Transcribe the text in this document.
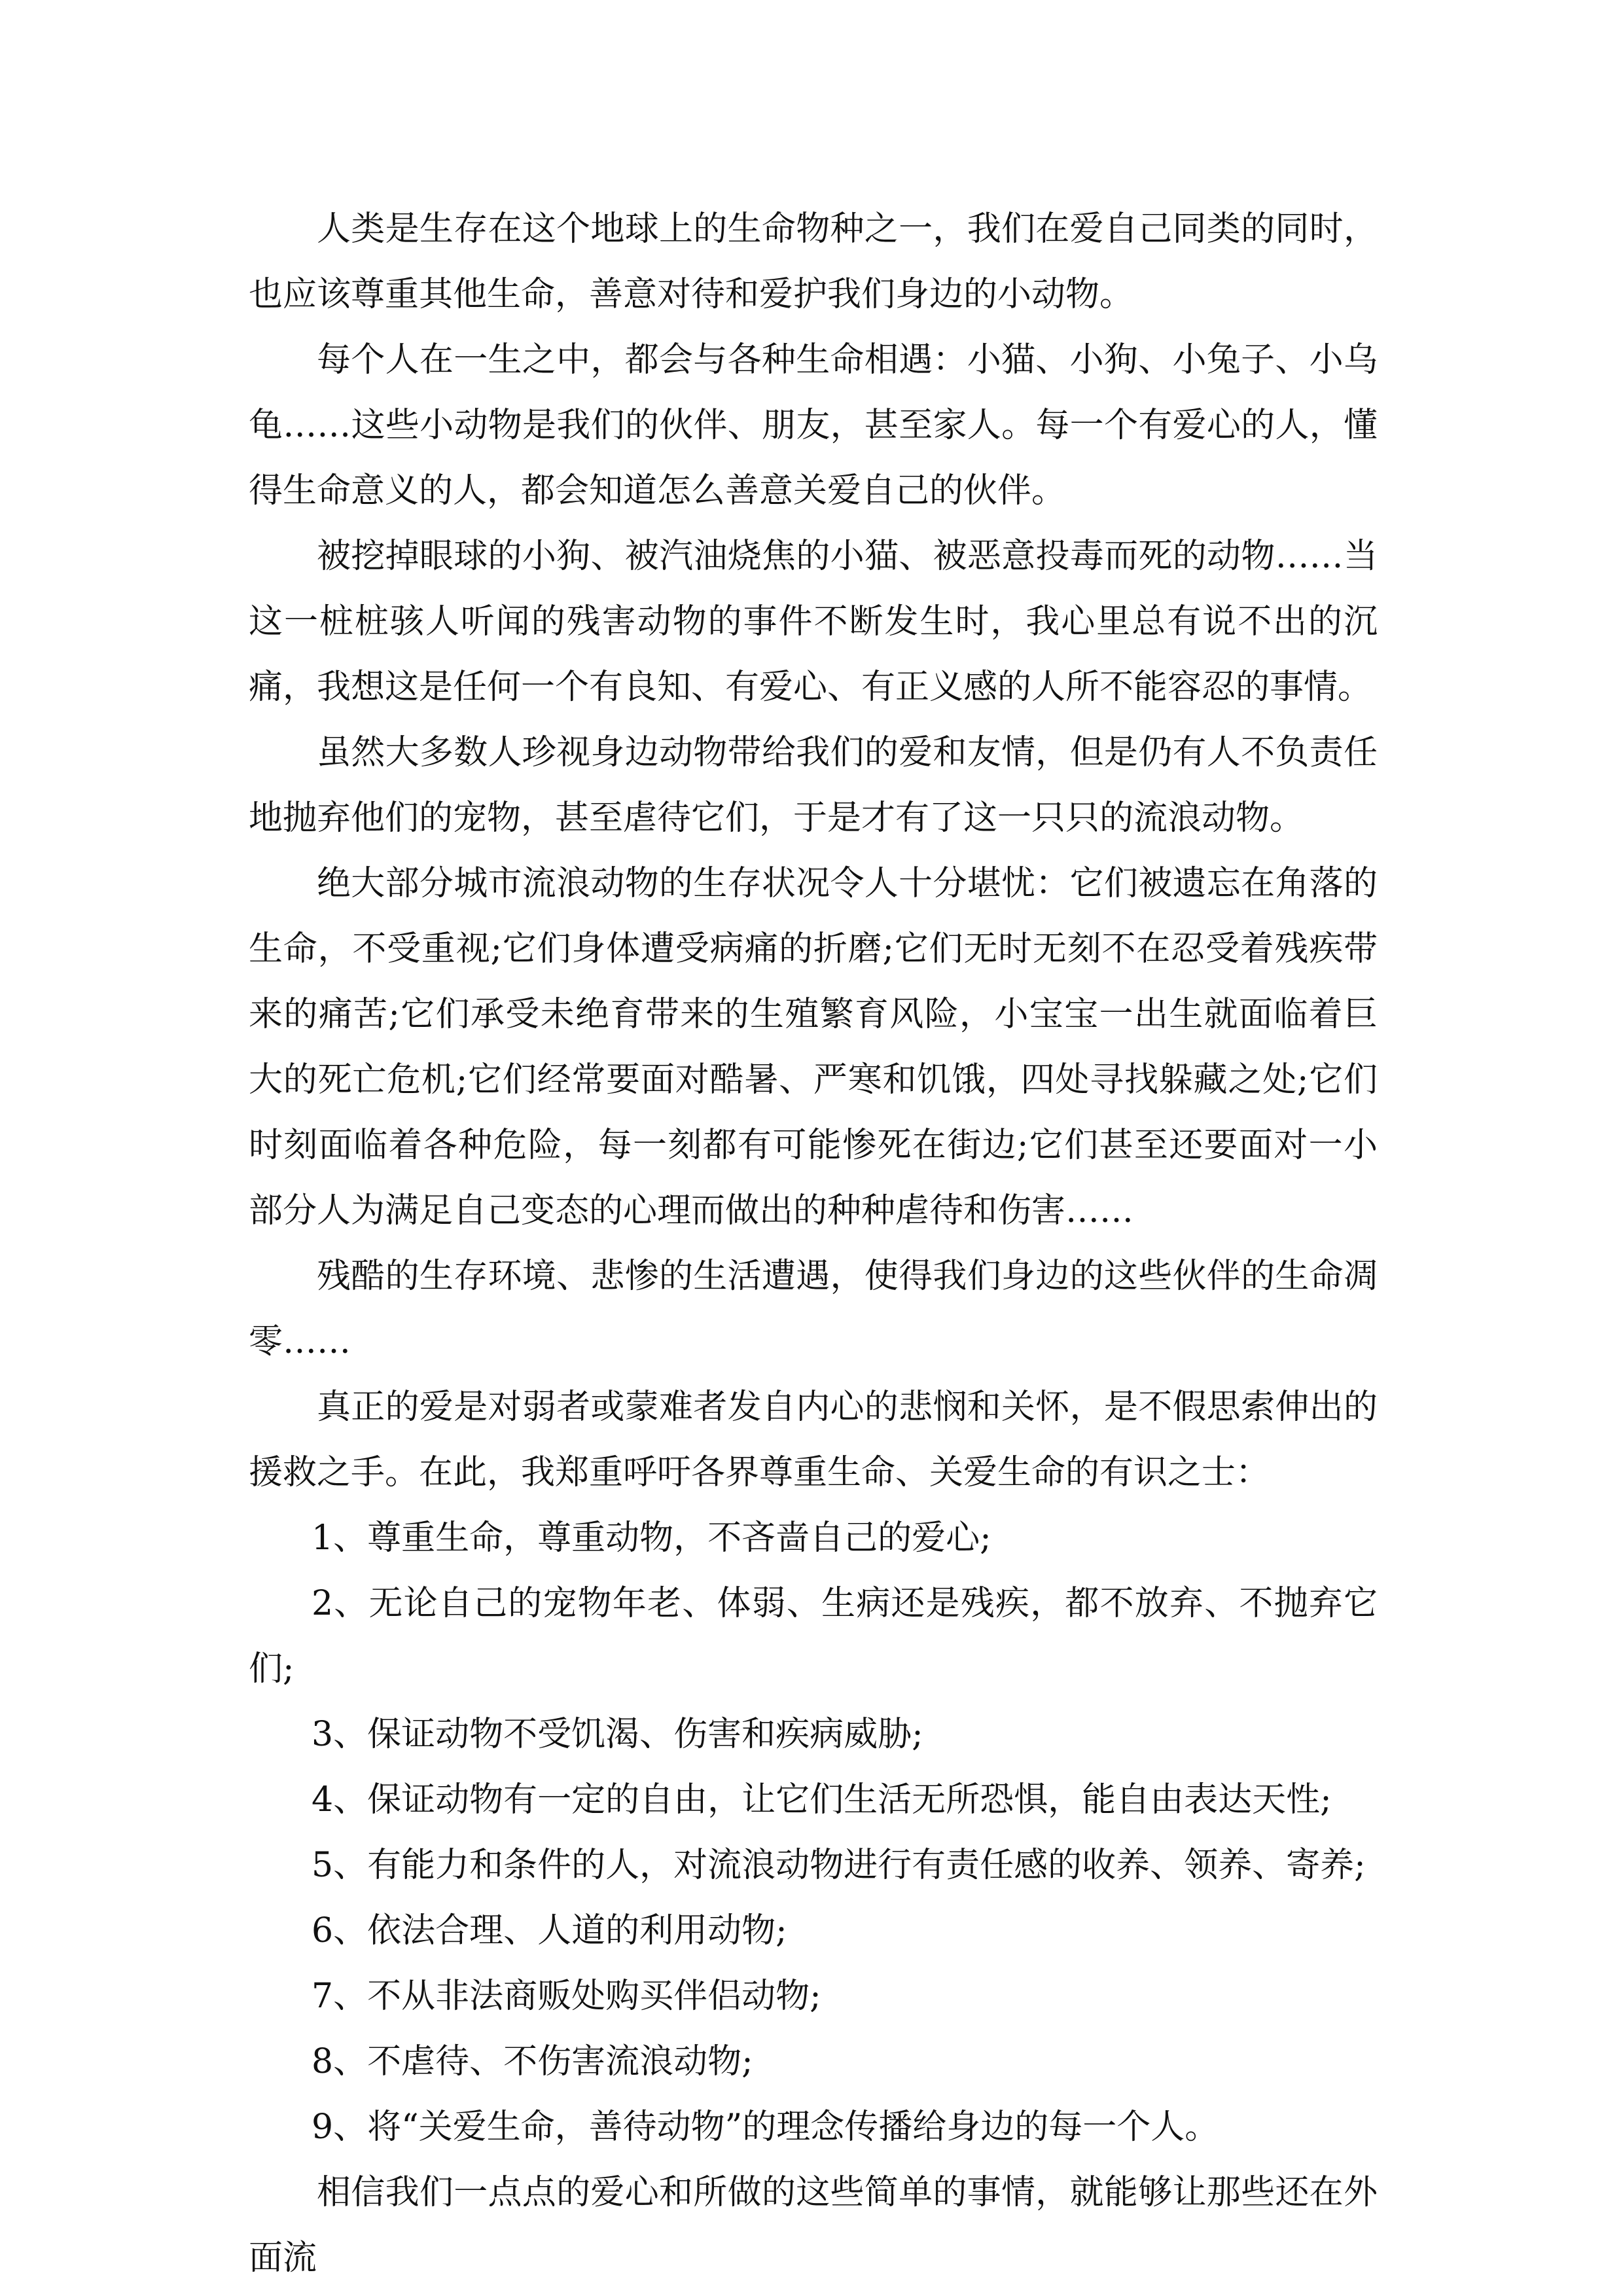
人类是生存在这个地球上的生命物种之一，我们在爱自己同类的同时，也应该尊重其他生命，善意对待和爱护我们身边的小动物。

每个人在一生之中，都会与各种生命相遇：小猫、小狗、小兔子、小乌龟……这些小动物是我们的伙伴、朋友，甚至家人。每一个有爱心的人，懂得生命意义的人，都会知道怎么善意关爱自己的伙伴。

被挖掉眼球的小狗、被汽油烧焦的小猫、被恶意投毒而死的动物……当这一桩桩骇人听闻的残害动物的事件不断发生时，我心里总有说不出的沉痛，我想这是任何一个有良知、有爱心、有正义感的人所不能容忍的事情。

虽然大多数人珍视身边动物带给我们的爱和友情，但是仍有人不负责任地抛弃他们的宠物，甚至虐待它们，于是才有了这一只只的流浪动物。

绝大部分城市流浪动物的生存状况令人十分堪忧：它们被遗忘在角落的生命，不受重视;它们身体遭受病痛的折磨;它们无时无刻不在忍受着残疾带来的痛苦;它们承受未绝育带来的生殖繁育风险，小宝宝一出生就面临着巨大的死亡危机;它们经常要面对酷暑、严寒和饥饿，四处寻找躲藏之处;它们时刻面临着各种危险，每一刻都有可能惨死在街边;它们甚至还要面对一小部分人为满足自己变态的心理而做出的种种虐待和伤害……

残酷的生存环境、悲惨的生活遭遇，使得我们身边的这些伙伴的生命凋零……

真正的爱是对弱者或蒙难者发自内心的悲悯和关怀，是不假思索伸出的援救之手。在此，我郑重呼吁各界尊重生命、关爱生命的有识之士：

1、尊重生命，尊重动物，不吝啬自己的爱心;

2、无论自己的宠物年老、体弱、生病还是残疾，都不放弃、不抛弃它们;

3、保证动物不受饥渴、伤害和疾病威胁;

4、保证动物有一定的自由，让它们生活无所恐惧，能自由表达天性;

5、有能力和条件的人，对流浪动物进行有责任感的收养、领养、寄养;

6、依法合理、人道的利用动物;

7、不从非法商贩处购买伴侣动物;

8、不虐待、不伤害流浪动物;

9、将“关爱生命，善待动物”的理念传播给身边的每一个人。

相信我们一点点的爱心和所做的这些简单的事情，就能够让那些还在外面流
